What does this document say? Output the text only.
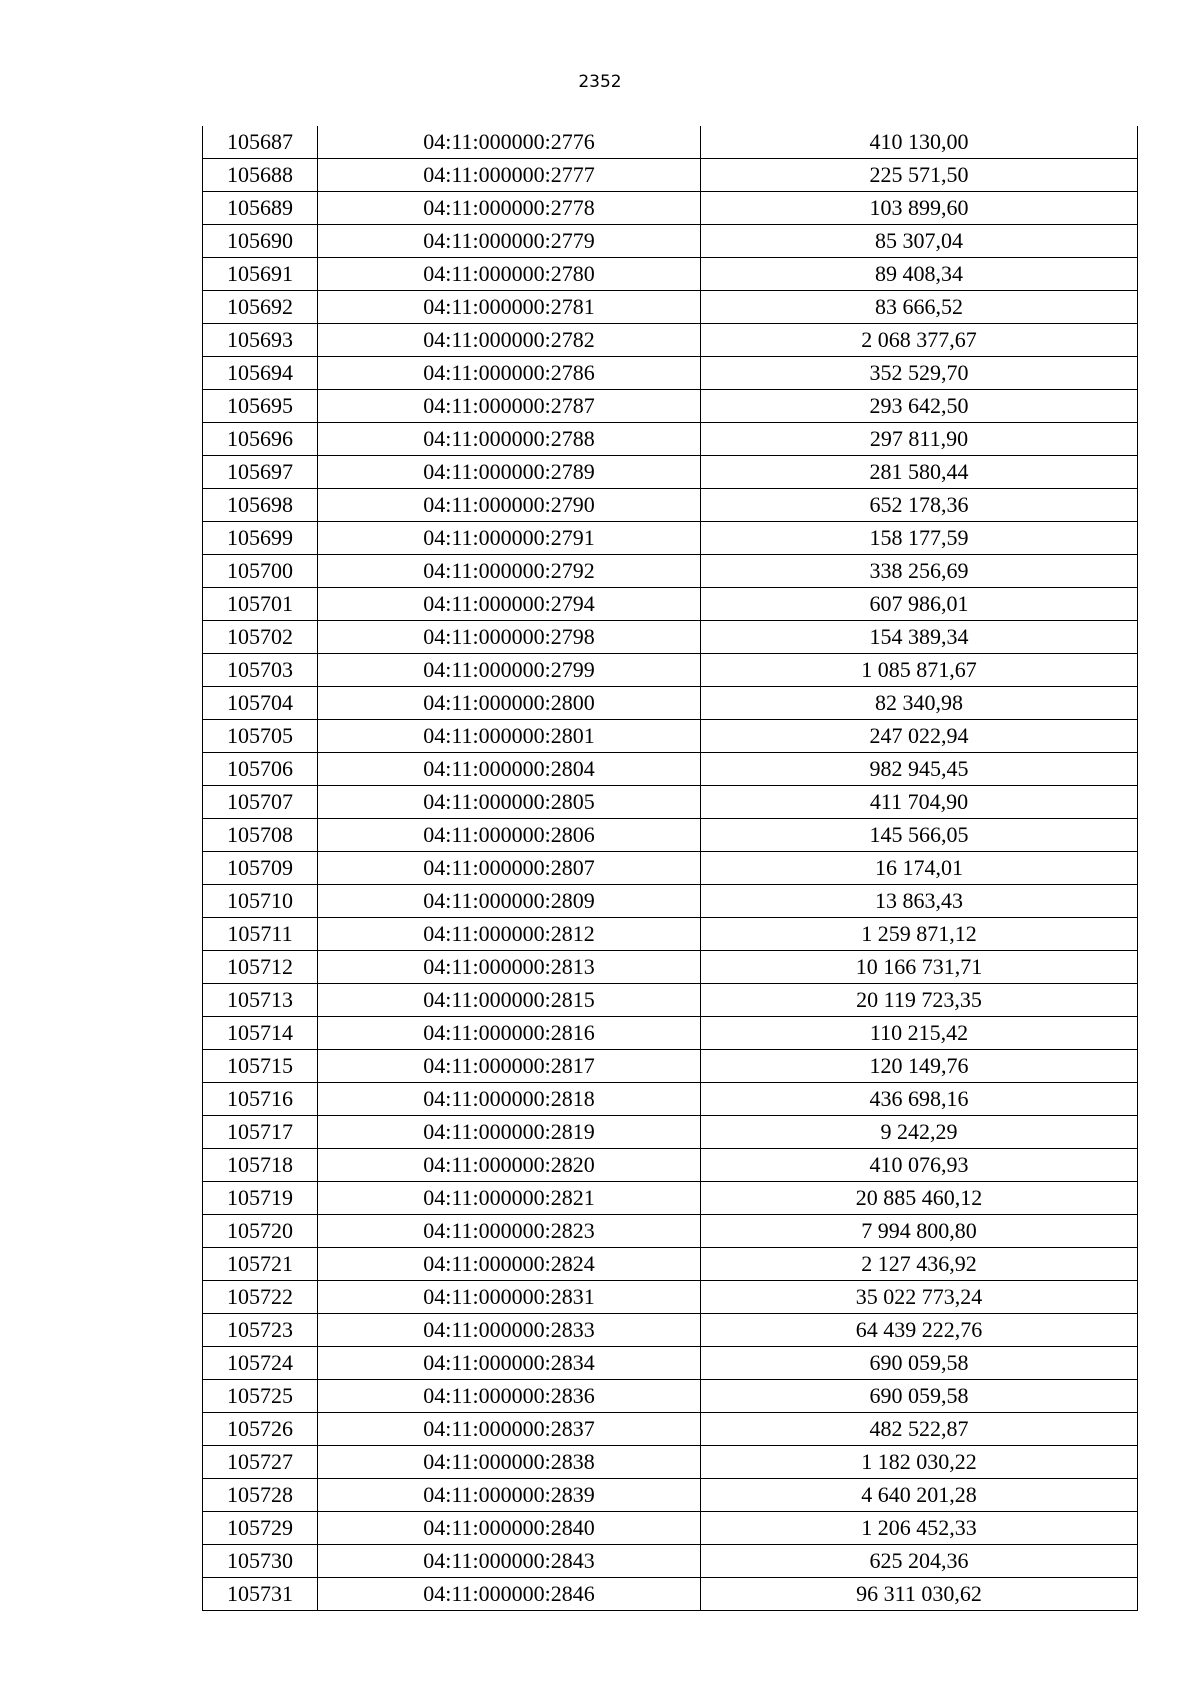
2352
105687	04:11:000000:2776	410 130,00
105688	04:11:000000:2777	225 571,50
105689	04:11:000000:2778	103 899,60
105690	04:11:000000:2779	85 307,04
105691	04:11:000000:2780	89 408,34
105692	04:11:000000:2781	83 666,52
105693	04:11:000000:2782	2 068 377,67
105694	04:11:000000:2786	352 529,70
105695	04:11:000000:2787	293 642,50
105696	04:11:000000:2788	297 811,90
105697	04:11:000000:2789	281 580,44
105698	04:11:000000:2790	652 178,36
105699	04:11:000000:2791	158 177,59
105700	04:11:000000:2792	338 256,69
105701	04:11:000000:2794	607 986,01
105702	04:11:000000:2798	154 389,34
105703	04:11:000000:2799	1 085 871,67
105704	04:11:000000:2800	82 340,98
105705	04:11:000000:2801	247 022,94
105706	04:11:000000:2804	982 945,45
105707	04:11:000000:2805	411 704,90
105708	04:11:000000:2806	145 566,05
105709	04:11:000000:2807	16 174,01
105710	04:11:000000:2809	13 863,43
105711	04:11:000000:2812	1 259 871,12
105712	04:11:000000:2813	10 166 731,71
105713	04:11:000000:2815	20 119 723,35
105714	04:11:000000:2816	110 215,42
105715	04:11:000000:2817	120 149,76
105716	04:11:000000:2818	436 698,16
105717	04:11:000000:2819	9 242,29
105718	04:11:000000:2820	410 076,93
105719	04:11:000000:2821	20 885 460,12
105720	04:11:000000:2823	7 994 800,80
105721	04:11:000000:2824	2 127 436,92
105722	04:11:000000:2831	35 022 773,24
105723	04:11:000000:2833	64 439 222,76
105724	04:11:000000:2834	690 059,58
105725	04:11:000000:2836	690 059,58
105726	04:11:000000:2837	482 522,87
105727	04:11:000000:2838	1 182 030,22
105728	04:11:000000:2839	4 640 201,28
105729	04:11:000000:2840	1 206 452,33
105730	04:11:000000:2843	625 204,36
105731	04:11:000000:2846	96 311 030,62
